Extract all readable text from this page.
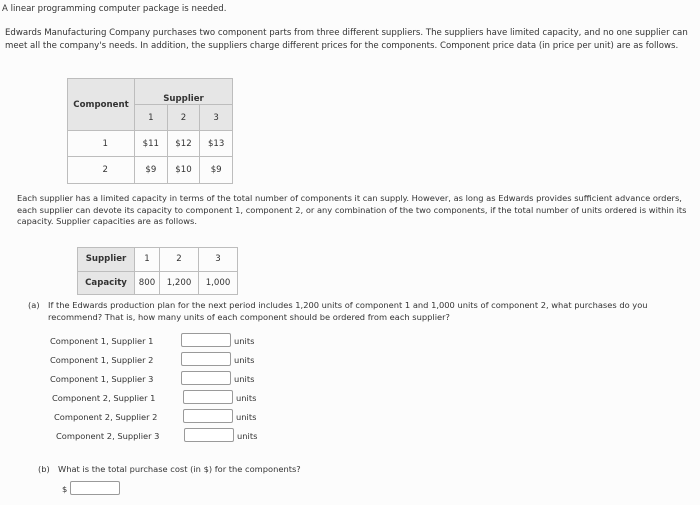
A linear programming computer package is needed.
Edwards Manufacturing Company purchases two component parts from three different suppliers. The suppliers have limited capacity, and no one supplier can meet all the company's needs. In addition, the suppliers charge different prices for the components. Component price data (in price per unit) are as follows.
Component	Supplier		
	1	2	3
1	$11	$12	$13
2	$9	$10	$9
Each supplier has a limited capacity in terms of the total number of components it can supply. However, as long as Edwards provides sufficient advance orders, each supplier can devote its capacity to component 1, component 2, or any combination of the two components, if the total number of units ordered is within its capacity. Supplier capacities are as follows.
Supplier	1	2	3
Capacity	800	1,200	1,000
(a) If the Edwards production plan for the next period includes 1,200 units of component 1 and 1,000 units of component 2, what purchases do you recommend? That is, how many units of each component should be ordered from each supplier?
Component 1, Supplier 1	units
Component 1, Supplier 2	units
Component 1, Supplier 3	units
Component 2, Supplier 1	units
Component 2, Supplier 2	units
Component 2, Supplier 3	units
(b) What is the total purchase cost (in $) for the components?
$
